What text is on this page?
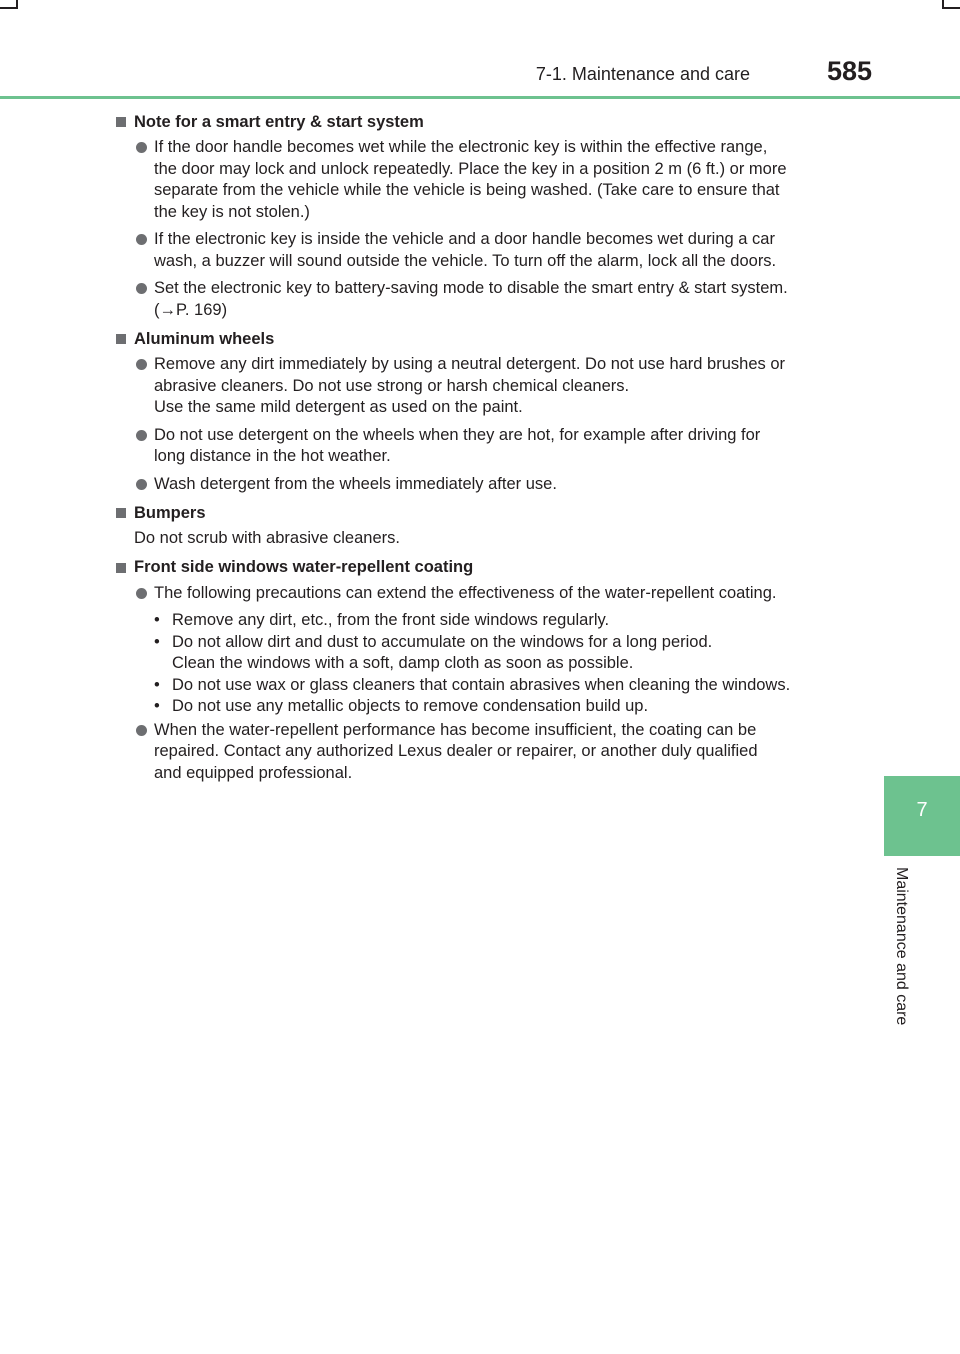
7-1. Maintenance and care	585
7
Maintenance and care
Note for a smart entry & start system
If the door handle becomes wet while the electronic key is within the effective range,
the door may lock and unlock repeatedly. Place the key in a position 2 m (6 ft.) or more
separate from the vehicle while the vehicle is being washed. (Take care to ensure that
the key is not stolen.)
If the electronic key is inside the vehicle and a door handle becomes wet during a car
wash, a buzzer will sound outside the vehicle. To turn off the alarm, lock all the doors.
Set the electronic key to battery-saving mode to disable the smart entry & start system.
(→P. 169)
Aluminum wheels
Remove any dirt immediately by using a neutral detergent. Do not use hard brushes or
abrasive cleaners. Do not use strong or harsh chemical cleaners.
Use the same mild detergent as used on the paint.
Do not use detergent on the wheels when they are hot, for example after driving for
long distance in the hot weather.
Wash detergent from the wheels immediately after use.
Bumpers
Do not scrub with abrasive cleaners.
Front side windows water-repellent coating
The following precautions can extend the effectiveness of the water-repellent coating.
• Remove any dirt, etc., from the front side windows regularly.
• Do not allow dirt and dust to accumulate on the windows for a long period.
Clean the windows with a soft, damp cloth as soon as possible.
• Do not use wax or glass cleaners that contain abrasives when cleaning the windows.
• Do not use any metallic objects to remove condensation build up.
When the water-repellent performance has become insufficient, the coating can be
repaired. Contact any authorized Lexus dealer or repairer, or another duly qualified
and equipped professional.
